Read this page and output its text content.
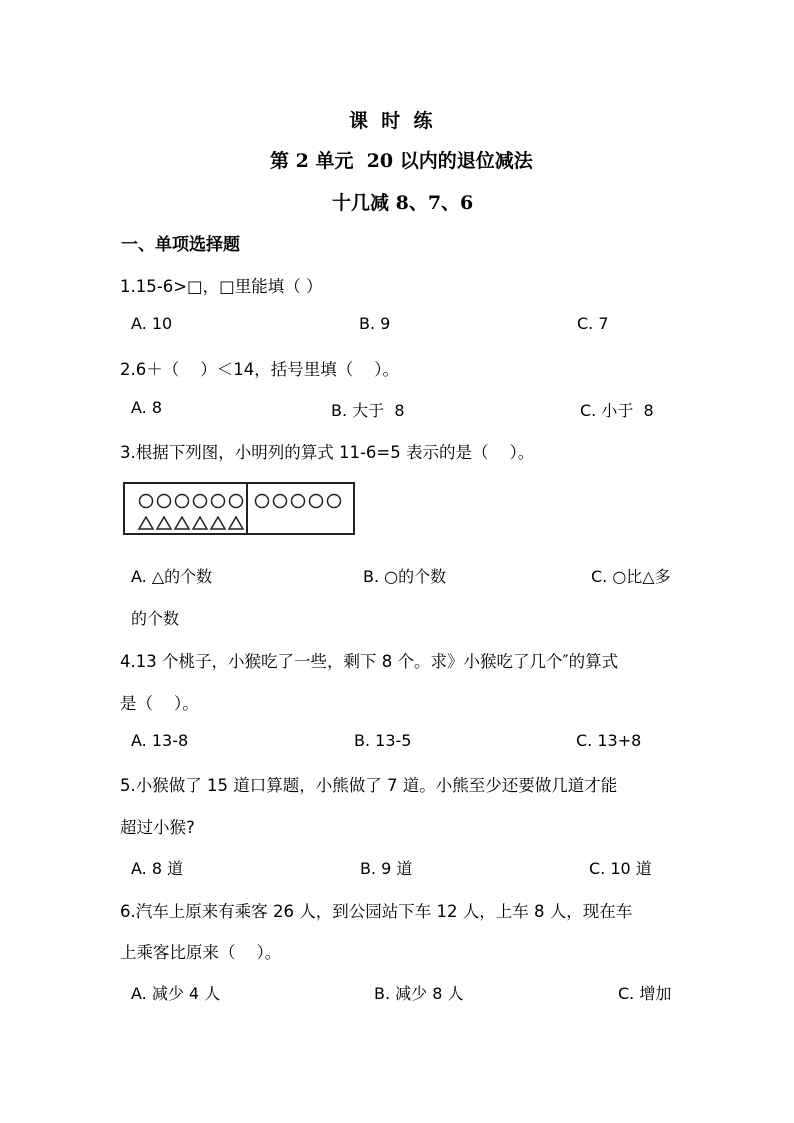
课  时  练
第 2 单元  20 以内的退位减法
十几减 8、7、6
一、单项选择题
1.15-6>□，□里能填（ ）
A. 10	B. 9	C. 7
2.6＋（    ）＜14，括号里填（    ）。
A. 8	B. 大于  8	C. 小于  8
3.根据下列图，小明列的算式 11-6=5 表示的是（    ）。
A. △的个数	B. ○的个数	C. ○比△多
的个数
4.13 个桃子，小猴吃了一些，剩下 8 个。求》小猴吃了几个″的算式
是（    ）。
A. 13-8	B. 13-5	C. 13+8
5.小猴做了 15 道口算题，小熊做了 7 道。小熊至少还要做几道才能
超过小猴?
A. 8 道	B. 9 道	C. 10 道
6.汽车上原来有乘客 26 人，到公园站下车 12 人，上车 8 人，现在车
上乘客比原来（    ）。
A. 减少 4 人	B. 减少 8 人	C. 增加
